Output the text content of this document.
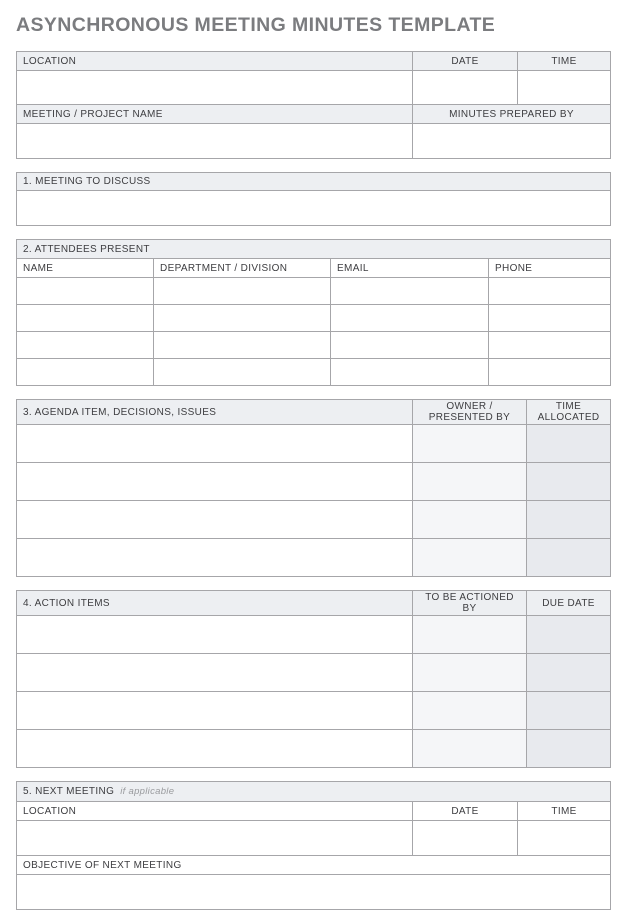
ASYNCHRONOUS MEETING MINUTES TEMPLATE
LOCATION	DATE	TIME

MEETING / PROJECT NAME	MINUTES PREPARED BY	

1. MEETING TO DISCUSS

2. ATTENDEES PRESENT			
NAME	DEPARTMENT / DIVISION	EMAIL	PHONE

3. AGENDA ITEM, DECISIONS, ISSUES	OWNER / PRESENTED BY	TIME ALLOCATED

4. ACTION ITEMS	TO BE ACTIONED BY	DUE DATE

5. NEXT MEETING if applicable		
LOCATION	DATE	TIME

OBJECTIVE OF NEXT MEETING		
